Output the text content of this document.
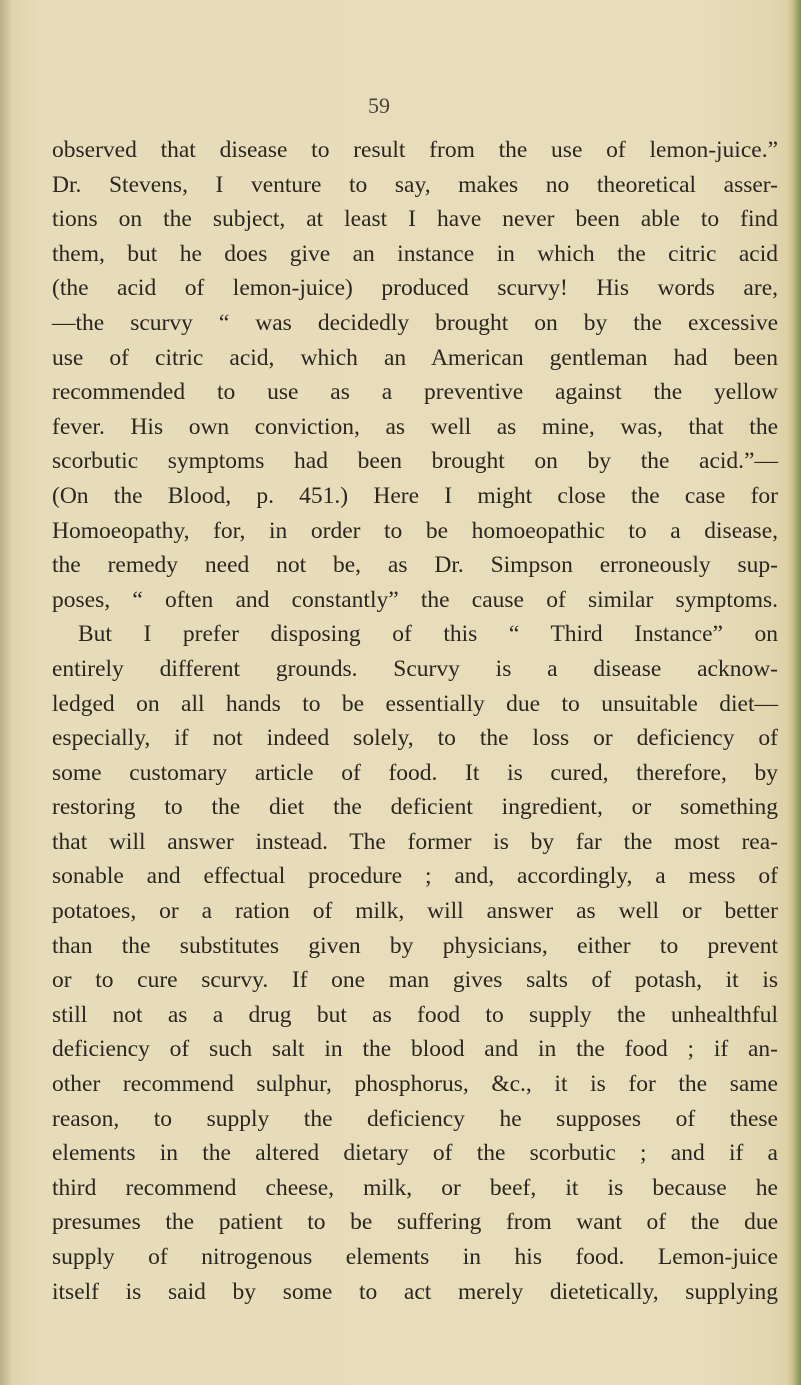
59
observed that disease to result from the use of lemon-juice.”
Dr. Stevens, I venture to say, makes no theoretical asser-
tions on the subject, at least I have never been able to find
them, but he does give an instance in which the citric acid
(the acid of lemon-juice) produced scurvy! His words are,
—the scurvy “ was decidedly brought on by the excessive
use of citric acid, which an American gentleman had been
recommended to use as a preventive against the yellow
fever. His own conviction, as well as mine, was, that the
scorbutic symptoms had been brought on by the acid.”—
(On the Blood, p. 451.) Here I might close the case for
Homoeopathy, for, in order to be homoeopathic to a disease,
the remedy need not be, as Dr. Simpson erroneously sup-
poses, “ often and constantly” the cause of similar symptoms.
But I prefer disposing of this “ Third Instance” on
entirely different grounds. Scurvy is a disease acknow-
ledged on all hands to be essentially due to unsuitable diet—
especially, if not indeed solely, to the loss or deficiency of
some customary article of food. It is cured, therefore, by
restoring to the diet the deficient ingredient, or something
that will answer instead. The former is by far the most rea-
sonable and effectual procedure ; and, accordingly, a mess of
potatoes, or a ration of milk, will answer as well or better
than the substitutes given by physicians, either to prevent
or to cure scurvy. If one man gives salts of potash, it is
still not as a drug but as food to supply the unhealthful
deficiency of such salt in the blood and in the food ; if an-
other recommend sulphur, phosphorus, &c., it is for the same
reason, to supply the deficiency he supposes of these
elements in the altered dietary of the scorbutic ; and if a
third recommend cheese, milk, or beef, it is because he
presumes the patient to be suffering from want of the due
supply of nitrogenous elements in his food. Lemon-juice
itself is said by some to act merely dietetically, supplying
